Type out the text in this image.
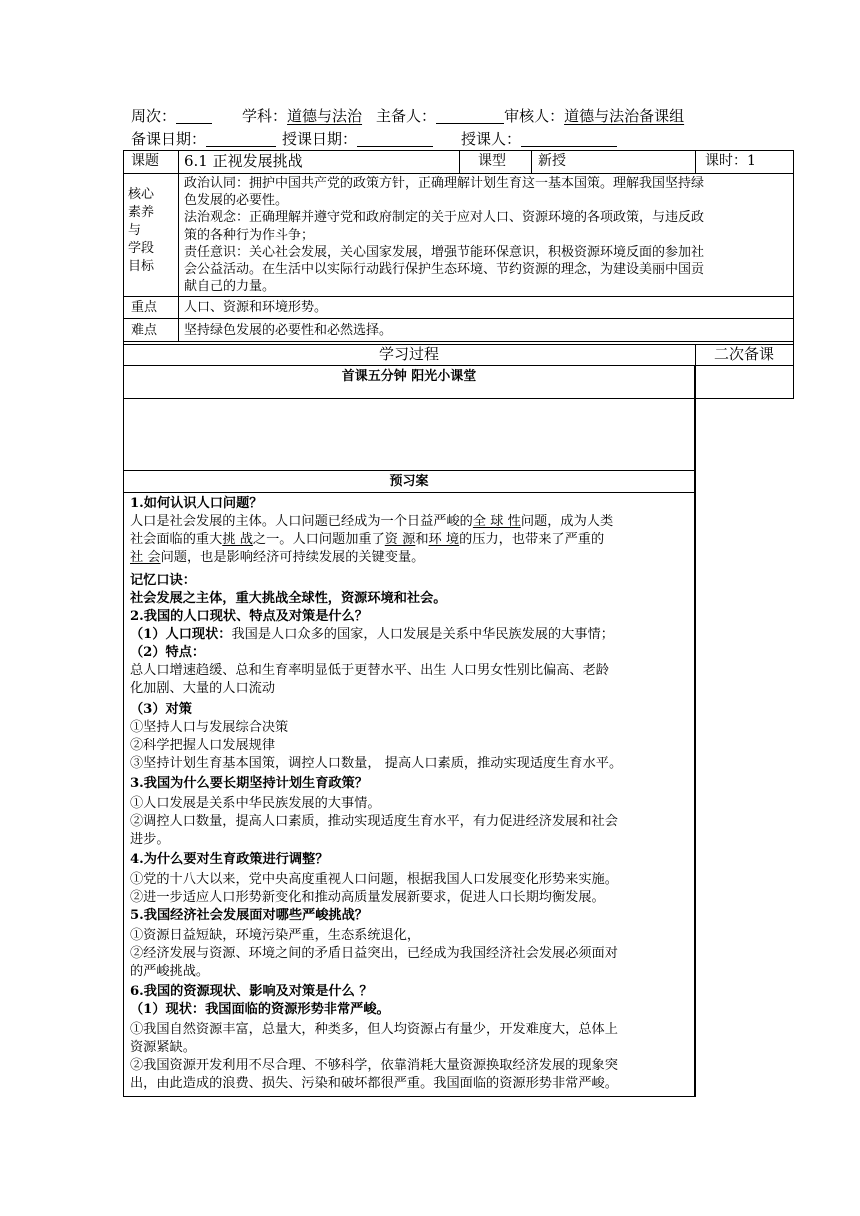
周次：	学科：道德与法治 主备人：	审核人：道德与法治备课组
备课日期：	授课日期：	授课人：
课题 6.1 正视发展挑战	课型 新授	课时：1
核心
素养
与
学段
目标
政治认同：拥护中国共产党的政策方针，正确理解计划生育这一基本国策。理解我国坚持绿
色发展的必要性。
法治观念：正确理解并遵守党和政府制定的关于应对人口、资源环境的各项政策，与违反政
策的各种行为作斗争；
责任意识：关心社会发展，关心国家发展，增强节能环保意识，积极资源环境反面的参加社
会公益活动。在生活中以实际行动践行保护生态环境、节约资源的理念，为建设美丽中国贡
献自己的力量。
重点 人口、资源和环境形势。
难点 坚持绿色发展的必要性和必然选择。
学习过程	二次备课
首课五分钟 阳光小课堂
预习案
1.如何认识人口问题？
人口是社会发展的主体。人口问题已经成为一个日益严峻的全 球 性问题，成为人类
社会面临的重大挑 战之一。人口问题加重了资 源和环 境的压力，也带来了严重的
社 会问题，也是影响经济可持续发展的关键变量。
记忆口诀：
社会发展之主体，重大挑战全球性，资源环境和社会。
2.我国的人口现状、特点及对策是什么？
（1）人口现状：我国是人口众多的国家，人口发展是关系中华民族发展的大事情；
（2）特点：
总人口增速趋缓、总和生育率明显低于更替水平、出生 人口男女性别比偏高、老龄
化加剧、大量的人口流动
（3）对策
①坚持人口与发展综合决策
②科学把握人口发展规律
③坚持计划生育基本国策，调控人口数量， 提高人口素质，推动实现适度生育水平。
3.我国为什么要长期坚持计划生育政策？
①人口发展是关系中华民族发展的大事情。
②调控人口数量，提高人口素质，推动实现适度生育水平，有力促进经济发展和社会
进步。
4.为什么要对生育政策进行调整？
①党的十八大以来，党中央高度重视人口问题，根据我国人口发展变化形势来实施。
②进一步适应人口形势新变化和推动高质量发展新要求，促进人口长期均衡发展。
5.我国经济社会发展面对哪些严峻挑战？
①资源日益短缺，环境污染严重，生态系统退化，
②经济发展与资源、环境之间的矛盾日益突出，已经成为我国经济社会发展必须面对
的严峻挑战。
6.我国的资源现状、影响及对策是什么 ？
（1）现状：我国面临的资源形势非常严峻。
①我国自然资源丰富，总量大，种类多，但人均资源占有量少，开发难度大，总体上
资源紧缺。
②我国资源开发利用不尽合理、不够科学，依靠消耗大量资源换取经济发展的现象突
出，由此造成的浪费、损失、污染和破坏都很严重。我国面临的资源形势非常严峻。
